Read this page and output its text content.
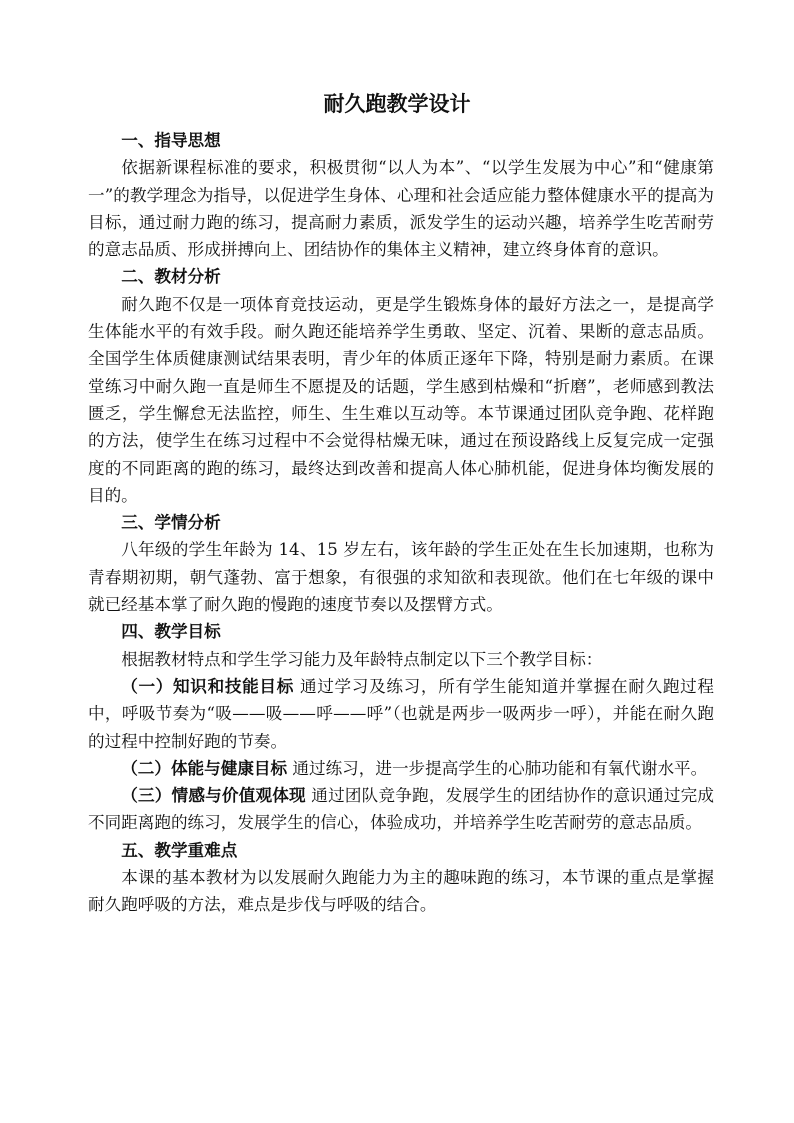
耐久跑教学设计

一、指导思想

依据新课程标准的要求，积极贯彻“以人为本”、“以学生发展为中心”和“健康第一”的教学理念为指导，以促进学生身体、心理和社会适应能力整体健康水平的提高为目标，通过耐力跑的练习，提高耐力素质，派发学生的运动兴趣，培养学生吃苦耐劳的意志品质、形成拼搏向上、团结协作的集体主义精神，建立终身体育的意识。

二、教材分析

耐久跑不仅是一项体育竞技运动，更是学生锻炼身体的最好方法之一，是提高学生体能水平的有效手段。耐久跑还能培养学生勇敢、坚定、沉着、果断的意志品质。全国学生体质健康测试结果表明，青少年的体质正逐年下降，特别是耐力素质。在课堂练习中耐久跑一直是师生不愿提及的话题，学生感到枯燥和“折磨”，老师感到教法匮乏，学生懈怠无法监控，师生、生生难以互动等。本节课通过团队竞争跑、花样跑的方法，使学生在练习过程中不会觉得枯燥无味，通过在预设路线上反复完成一定强度的不同距离的跑的练习，最终达到改善和提高人体心肺机能，促进身体均衡发展的目的。

三、学情分析

八年级的学生年龄为 14、15 岁左右，该年龄的学生正处在生长加速期，也称为青春期初期，朝气蓬勃、富于想象，有很强的求知欲和表现欲。他们在七年级的课中就已经基本掌了耐久跑的慢跑的速度节奏以及摆臂方式。

四、教学目标

根据教材特点和学生学习能力及年龄特点制定以下三个教学目标：

（一）知识和技能目标 通过学习及练习，所有学生能知道并掌握在耐久跑过程中，呼吸节奏为“吸——吸——呼——呼”（也就是两步一吸两步一呼），并能在耐久跑的过程中控制好跑的节奏。

（二）体能与健康目标 通过练习，进一步提高学生的心肺功能和有氧代谢水平。

（三）情感与价值观体现 通过团队竞争跑，发展学生的团结协作的意识通过完成不同距离跑的练习，发展学生的信心，体验成功，并培养学生吃苦耐劳的意志品质。

五、教学重难点

本课的基本教材为以发展耐久跑能力为主的趣味跑的练习，本节课的重点是掌握耐久跑呼吸的方法，难点是步伐与呼吸的结合。
